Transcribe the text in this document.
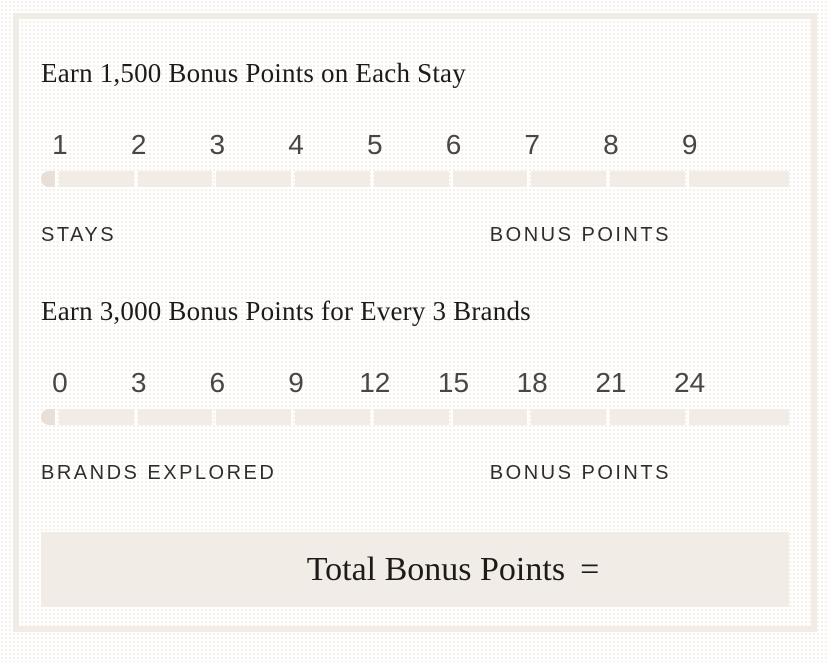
Earn 1,500 Bonus Points on Each Stay
1 2 3 4 5 6 7 8 9
STAYS	BONUS POINTS
Earn 3,000 Bonus Points for Every 3 Brands
0 3 6 9 12 15 18 21 24
BRANDS EXPLORED	BONUS POINTS
Total Bonus Points =
